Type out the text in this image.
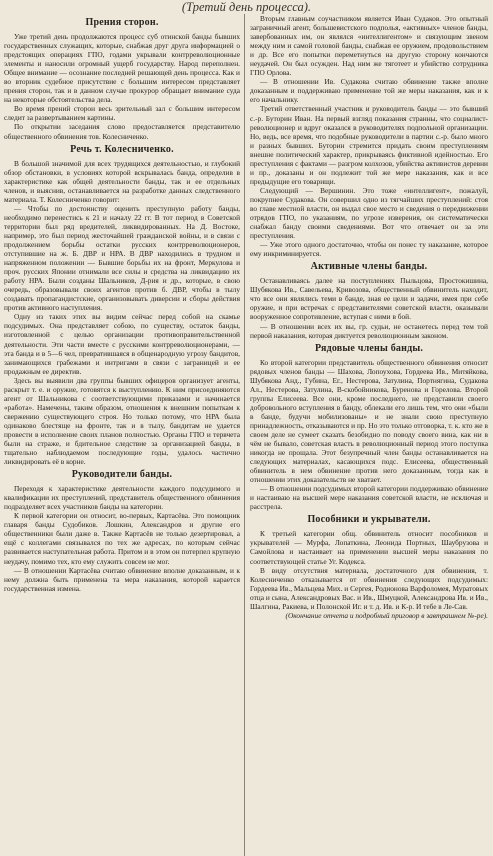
(Третий день процесса).
Прения сторон.

Уже третий день продолжаются процесс суб отинской банды бывших государственных служащих, которые, снабжая друг друга информацией о предстоящих операциях ГПО, годами укрывали контрреволюционные элементы и наносили огромный ущерб государству. Народ переполнен. Общее внимание — осознание последней решающей день процесса. Как и во вторник судебное присутствие с большим интересом представляет прения сторон, так и в данном случае прокурор обращает внимание суда на некоторые обстоятельства дела.

Во время прений сторон весь зрительный зал с большим интересом следит за развертыванием картины.

По открытии заседания слово предоставляется представителю общественного обвинения тов. Колесниченко.

Речь т. Колесниченко.

В большой значимой для всех трудящихся деятельностью, и глубокий обзор обстановки, в условиях которой вскрывалась банда, определив в характеристике как общей деятельности банды, так и ее отдельных членов, и выяснив, останавливается на разработке данных следственного материала. Т. Колесниченко говорит:

— Чтобы по достоинству оценить преступную работу банды, необходимо перенестись к 21 и началу 22 гг. В тот период в Советской территории был ряд вредителей, ликвидированных. На Д. Востоке, например, это был период жесточайшей гражданской войны, и в связи с продолжением борьбы остатки русских контрреволюционеров, отступившие на ж. Б. ДВР и НРА. В ДВР находились в трудном и напряженном положении — Бывшие борьбы их на фронт, Меркулова и проч. русских Японии отнимали все силы и средства на ликвидацию их работу НРА. Были созданы Шальников, Д-рия и др., которые, в свою очередь, образовывали своих агентов против б. ДВР, чтобы в тылу создавать пропагандистские, организовывать диверсии и сборы действия против активного наступления.

Одну из таких этих вы видим сейчас перед собой на скамье подсудимых. Она представляет собою, по существу, остаток банды, изготовленной с целью организации противоправительственной деятельности. Эти части вместе с русскими контрреволюционерами, — эта банда и в 5—6 чел, превратившаяся в общенародную угрозу бандитов, занимающихся грабежами и интригами в связи с заграницей и ее продажным ее директив.

Здесь вы выявили два группы бывших офицеров организует агенты, раскрыт т. е. и оружие, готовятся к выступлению. К ним присоединяются агент от Шальникова с соответствующими приказами и начинается «работа». Намечены, таким образом, отношения к внешним попыткам к свержению существующего строя. Но только потому, что НРА была одинаково блестяще на фронте, так и в тылу, бандитам не удается провести в исполнение своих планов полностью. Органы ГПО и тервчета были на страже, и бдительное следствие за организацией банды, в тщательно наблюдаемом последующие годы, удалось частично ликвидировать её в корне.

Руководители банды.

Переходя к характеристике деятельности каждого подсудимого и квалификации их преступлений, представитель общественного обвинения подразделяет всех участников банды на категории.

К первой категории он относит, во-первых, Картасёва. Это помощник главаря банды Судобиков. Лошкин, Александров и другие его общественники были даже в. Также Картасёв не только дезертировал, а ещё с коллегами связывался по тех же адресах, по которым сейчас развивается наступательная работа. Притом и в этом он потерпел крупную неудачу, помимо тех, кто ему служить совсем не мог.

— В отношении Картасёва считаю обвинение вполне доказанным, и к нему должна быть применена та мера наказания, которой карается государственная измена.

Вторым главным соучастником является Иван Судаков. Это опытный заграничный агент, большевистского подполья, «активных» членов банды, завербованных им, он являлся «интеллигентом» и связующим звеном между ним и самой головой банды, снабжая ее оружием, продовольствием и др. Все его попытки переметнуться на другую сторону кончаются неудачей. Он был осужден. Над ним же тяготеет и убийство сотрудника ГПО Орлова.

— В отношении Ив. Судакова считаю обвинение также вполне доказанным и поддерживаю применение той же меры наказания, как и к его начальнику.

Третий ответственный участник и руководитель банды — это бывший с.-р. Буторин Иван. На первый взгляд показания странны, что социалист-революционер и вдруг оказался в руководителях подпольной организации. Но, ведь, все время, что подобные руководители в партии с.-р. было много и разных бывших. Буторин стремится придать своим преступлениям внешне политический характер, прикрываясь фиктивной идейностью. Его преступления с фактами — разгром колхозов, убийства активистов деревни и пр., доказаны и он подлежит той же мере наказания, как и все предыдущие его товарищи.

Следующий — Вершинин. Это тоже «интеллигент», пожалуй, покрупнее Судакова. Он совершил одно из тягчайших преступлений: стоя во главе местной власти, он выдал свое место и сведения о передвижении отрядов ГПО, по указаниям, по угрозе изверения, он систематически снабжал банду своими сведениями. Вот что отвечает он за эти преступления.

— Уже этого одного достаточно, чтобы он понес ту наказание, которое ему инкриминируется.

Активные члены банды.

Останавливаясь далее на поступлениях Пыльцова, Простокишина, Шубякова Ив., Савельева, Кривозова, общественный обвинитель находит, что все они являлись теми в банде, зная ее цели и задачи, имея при себе оружие, и при встречах с представителями советской власти, оказывали вооруженное сопротивление, вступая с ними в бой.

— В отношении всех их вы, гр. судьи, не останетесь перед тем той первой наказания, которая диктуется революционным законом.

Рядовые члены банды.

Ко второй категории представитель общественного обвинения относит рядовых членов банды — Шахова, Лопоухова, Гордеева Ив., Митяйкова, Шубякова Анд., Губина, Ег., Нестерова, Затулина, Портнягина, Судакова Ал., Нестерова, Затулина, В-скобойникова, Буренова и Горелова. Второй группы Елисеева. Все они, кроме последнего, не представили своего добровольного вступления в банду, облекали его лишь тем, что они «были в банде, будучи мобилизованы» и не знали свою преступную принадлежность, отказываются и пр. Но это только отговорка, т. к. кто же в своем деле не сумеет сказать безобидно по поводу своего вина, как ни в чём не бывало, советская власть в революционный период этого поступка никогда не прощала. Этот безупречный член банды останавливается на следующих материалах, касающихся подс. Елисеева, общественный обвинитель в нем обвинение против него доказанным, тогда как в отношении этих доказательств не хватает.

— В отношении подсудимых второй категории поддерживаю обвинение и настаиваю на высшей мере наказания советской власти, не исключая и расстрела.

Пособники и укрыватели.

К третьей категории общ. обвинитель относит пособников и укрывателей — Мурфа, Лопаткина, Леонида Портных, Шаубрузова и Самойлова и настаивает на применении высшей меры наказания по соответствующей статье Уг. Кодекса.

В виду отсутствия материала, достаточного для обвинения, т. Колесниченко отказывается от обвинения следующих подсудимых: Гордеева Ив., Мальцева Мих. и Сергея, Родионова Варфоломея, Муратовых отца и сына, Александровых Вас. и Ив., Шмуцкой, Александрова Ив. и Ив., Шалгина, Ракиева, и Полонской Иг. и т. д. Ив. и К-р. И тебе в Ле-Сав.

(Окончание отчета и подробный приговор в завтрашнем №-ре).
